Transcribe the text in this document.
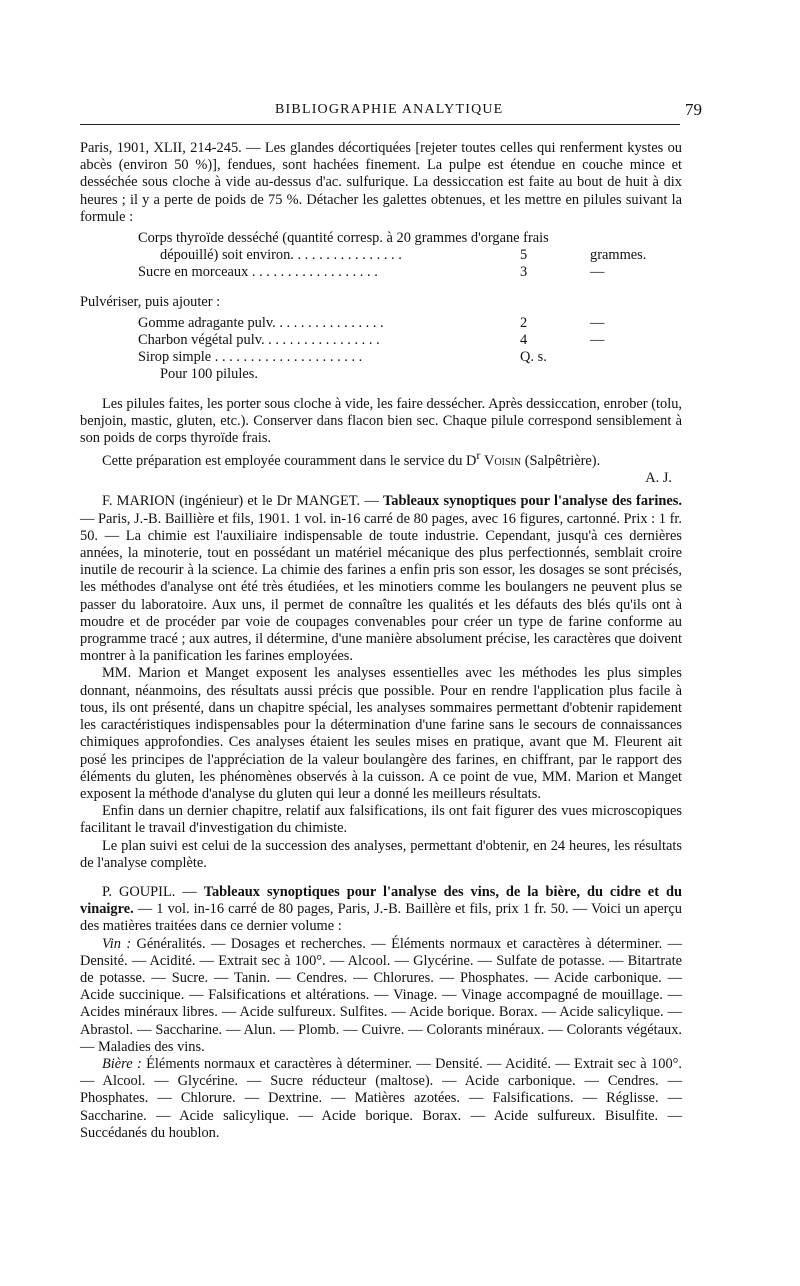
BIBLIOGRAPHIE ANALYTIQUE	79

Paris, 1901, XLII, 214-245. — Les glandes décortiquées [rejeter toutes celles qui renferment kystes ou abcès (environ 50 %)], fendues, sont hachées finement. La pulpe est étendue en couche mince et desséchée sous cloche à vide au-dessus d'ac. sulfurique. La dessiccation est faite au bout de huit à dix heures ; il y a perte de poids de 75 %. Détacher les galettes obtenues, et les mettre en pilules suivant la formule :

Corps thyroïde desséché (quantité corresp. à 20 grammes d'organe frais
dépouillé) soit environ. . . . . . . . . . . . . . . .	5	grammes.
Sucre en morceaux . . . . . . . . . . . . . . . . . .	3	—

Pulvériser, puis ajouter :

Gomme adragante pulv. . . . . . . . . . . . . . . .	2	—
Charbon végétal pulv. . . . . . . . . . . . . . . . .	4	—
Sirop simple . . . . . . . . . . . . . . . . . . . . .	Q. s.
Pour 100 pilules.

Les pilules faites, les porter sous cloche à vide, les faire dessécher. Après dessiccation, enrober (tolu, benjoin, mastic, gluten, etc.). Conserver dans flacon bien sec. Chaque pilule correspond sensiblement à son poids de corps thyroïde frais.

Cette préparation est employée couramment dans le service du $D^r$ Voisin (Salpêtrière).

A. J.

F. MARION (ingénieur) et le Dr MANGET. — Tableaux synoptiques pour l'analyse des farines. — Paris, J.-B. Baillière et fils, 1901. 1 vol. in-16 carré de 80 pages, avec 16 figures, cartonné. Prix : 1 fr. 50. — La chimie est l'auxiliaire indispensable de toute industrie. Cependant, jusqu'à ces dernières années, la minoterie, tout en possédant un matériel mécanique des plus perfectionnés, semblait croire inutile de recourir à la science. La chimie des farines a enfin pris son essor, les dosages se sont précisés, les méthodes d'analyse ont été très étudiées, et les minotiers comme les boulangers ne peuvent plus se passer du laboratoire. Aux uns, il permet de connaître les qualités et les défauts des blés qu'ils ont à moudre et de procéder par voie de coupages convenables pour créer un type de farine conforme au programme tracé ; aux autres, il détermine, d'une manière absolument précise, les caractères que doivent montrer à la panification les farines employées.

MM. Marion et Manget exposent les analyses essentielles avec les méthodes les plus simples donnant, néanmoins, des résultats aussi précis que possible. Pour en rendre l'application plus facile à tous, ils ont présenté, dans un chapitre spécial, les analyses sommaires permettant d'obtenir rapidement les caractéristiques indispensables pour la détermination d'une farine sans le secours de connaissances chimiques approfondies. Ces analyses étaient les seules mises en pratique, avant que M. Fleurent ait posé les principes de l'appréciation de la valeur boulangère des farines, en chiffrant, par le rapport des éléments du gluten, les phénomènes observés à la cuisson. A ce point de vue, MM. Marion et Manget exposent la méthode d'analyse du gluten qui leur a donné les meilleurs résultats.

Enfin dans un dernier chapitre, relatif aux falsifications, ils ont fait figurer des vues microscopiques facilitant le travail d'investigation du chimiste.

Le plan suivi est celui de la succession des analyses, permettant d'obtenir, en 24 heures, les résultats de l'analyse complète.

P. GOUPIL. — Tableaux synoptiques pour l'analyse des vins, de la bière, du cidre et du vinaigre. — 1 vol. in-16 carré de 80 pages, Paris, J.-B. Baillère et fils, prix 1 fr. 50. — Voici un aperçu des matières traitées dans ce dernier volume :

Vin : Généralités. — Dosages et recherches. — Éléments normaux et caractères à déterminer. — Densité. — Acidité. — Extrait sec à 100°. — Alcool. — Glycérine. — Sulfate de potasse. — Bitartrate de potasse. — Sucre. — Tanin. — Cendres. — Chlorures. — Phosphates. — Acide carbonique. — Acide succinique. — Falsifications et altérations. — Vinage. — Vinage accompagné de mouillage. — Acides minéraux libres. — Acide sulfureux. Sulfites. — Acide borique. Borax. — Acide salicylique. — Abrastol. — Saccharine. — Alun. — Plomb. — Cuivre. — Colorants minéraux. — Colorants végétaux. — Maladies des vins.

Bière : Éléments normaux et caractères à déterminer. — Densité. — Acidité. — Extrait sec à 100°. — Alcool. — Glycérine. — Sucre réducteur (maltose). — Acide carbonique. — Cendres. — Phosphates. — Chlorure. — Dextrine. — Matières azotées. — Falsifications. — Réglisse. — Saccharine. — Acide salicylique. — Acide borique. Borax. — Acide sulfureux. Bisulfite. — Succédanés du houblon.
